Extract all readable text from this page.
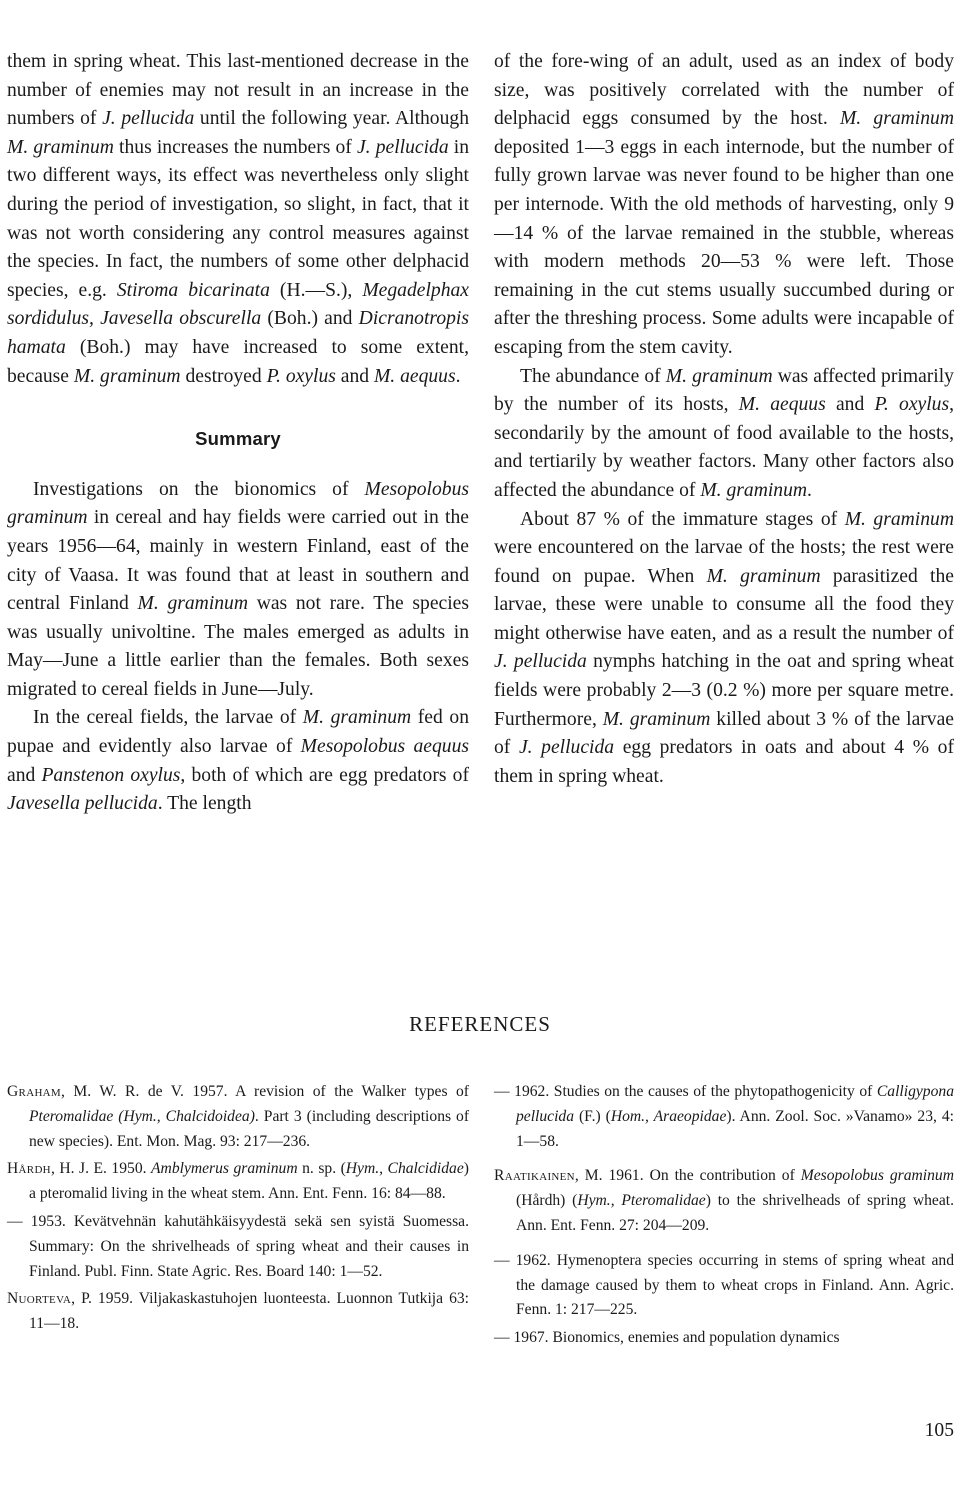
them in spring wheat. This last-mentioned decrease in the number of enemies may not result in an increase in the numbers of J. pellucida until the following year. Although M. graminum thus increases the numbers of J. pellucida in two different ways, its effect was nevertheless only slight during the period of investigation, so slight, in fact, that it was not worth considering any control measures against the species. In fact, the numbers of some other delphacid species, e.g. Stiroma bicarinata (H.—S.), Megadelphax sordidulus, Javesella obscurella (Boh.) and Dicranotropis hamata (Boh.) may have increased to some extent, because M. graminum destroyed P. oxylus and M. aequus.

Summary

Investigations on the bionomics of Mesopolobus graminum in cereal and hay fields were carried out in the years 1956—64, mainly in western Finland, east of the city of Vaasa. It was found that at least in southern and central Finland M. graminum was not rare. The species was usually univoltine. The males emerged as adults in May—June a little earlier than the females. Both sexes migrated to cereal fields in June—July.

In the cereal fields, the larvae of M. graminum fed on pupae and evidently also larvae of Mesopolobus aequus and Panstenon oxylus, both of which are egg predators of Javesella pellucida. The length

of the fore-wing of an adult, used as an index of body size, was positively correlated with the number of delphacid eggs consumed by the host. M. graminum deposited 1—3 eggs in each internode, but the number of fully grown larvae was never found to be higher than one per internode. With the old methods of harvesting, only 9—14 % of the larvae remained in the stubble, whereas with modern methods 20—53 % were left. Those remaining in the cut stems usually succumbed during or after the threshing process. Some adults were incapable of escaping from the stem cavity.

The abundance of M. graminum was affected primarily by the number of its hosts, M. aequus and P. oxylus, secondarily by the amount of food available to the hosts, and tertiarily by weather factors. Many other factors also affected the abundance of M. graminum.

About 87 % of the immature stages of M. graminum were encountered on the larvae of the hosts; the rest were found on pupae. When M. graminum parasitized the larvae, these were unable to consume all the food they might otherwise have eaten, and as a result the number of J. pellucida nymphs hatching in the oat and spring wheat fields were probably 2—3 (0.2 %) more per square metre. Furthermore, M. graminum killed about 3 % of the larvae of J. pellucida egg predators in oats and about 4 % of them in spring wheat.

REFERENCES

Graham, M. W. R. de V. 1957. A revision of the Walker types of Pteromalidae (Hym., Chalcidoidea). Part 3 (including descriptions of new species). Ent. Mon. Mag. 93: 217—236.

Hårdh, H. J. E. 1950. Amblymerus graminum n. sp. (Hym., Chalcididae) a pteromalid living in the wheat stem. Ann. Ent. Fenn. 16: 84—88.

— 1953. Kevätvehnän kahutähkäisyydestä sekä sen syistä Suomessa. Summary: On the shrivelheads of spring wheat and their causes in Finland. Publ. Finn. State Agric. Res. Board 140: 1—52.

Nuorteva, P. 1959. Viljakaskastuhojen luonteesta. Luonnon Tutkija 63: 11—18.

— 1962. Studies on the causes of the phytopathogenicity of Calligypona pellucida (F.) (Hom., Araeopidae). Ann. Zool. Soc. »Vanamo» 23, 4: 1—58.

Raatikainen, M. 1961. On the contribution of Mesopolobus graminum (Hårdh) (Hym., Pteromalidae) to the shrivelheads of spring wheat. Ann. Ent. Fenn. 27: 204—209.

— 1962. Hymenoptera species occurring in stems of spring wheat and the damage caused by them to wheat crops in Finland. Ann. Agric. Fenn. 1: 217—225.

— 1967. Bionomics, enemies and population dynamics

105
